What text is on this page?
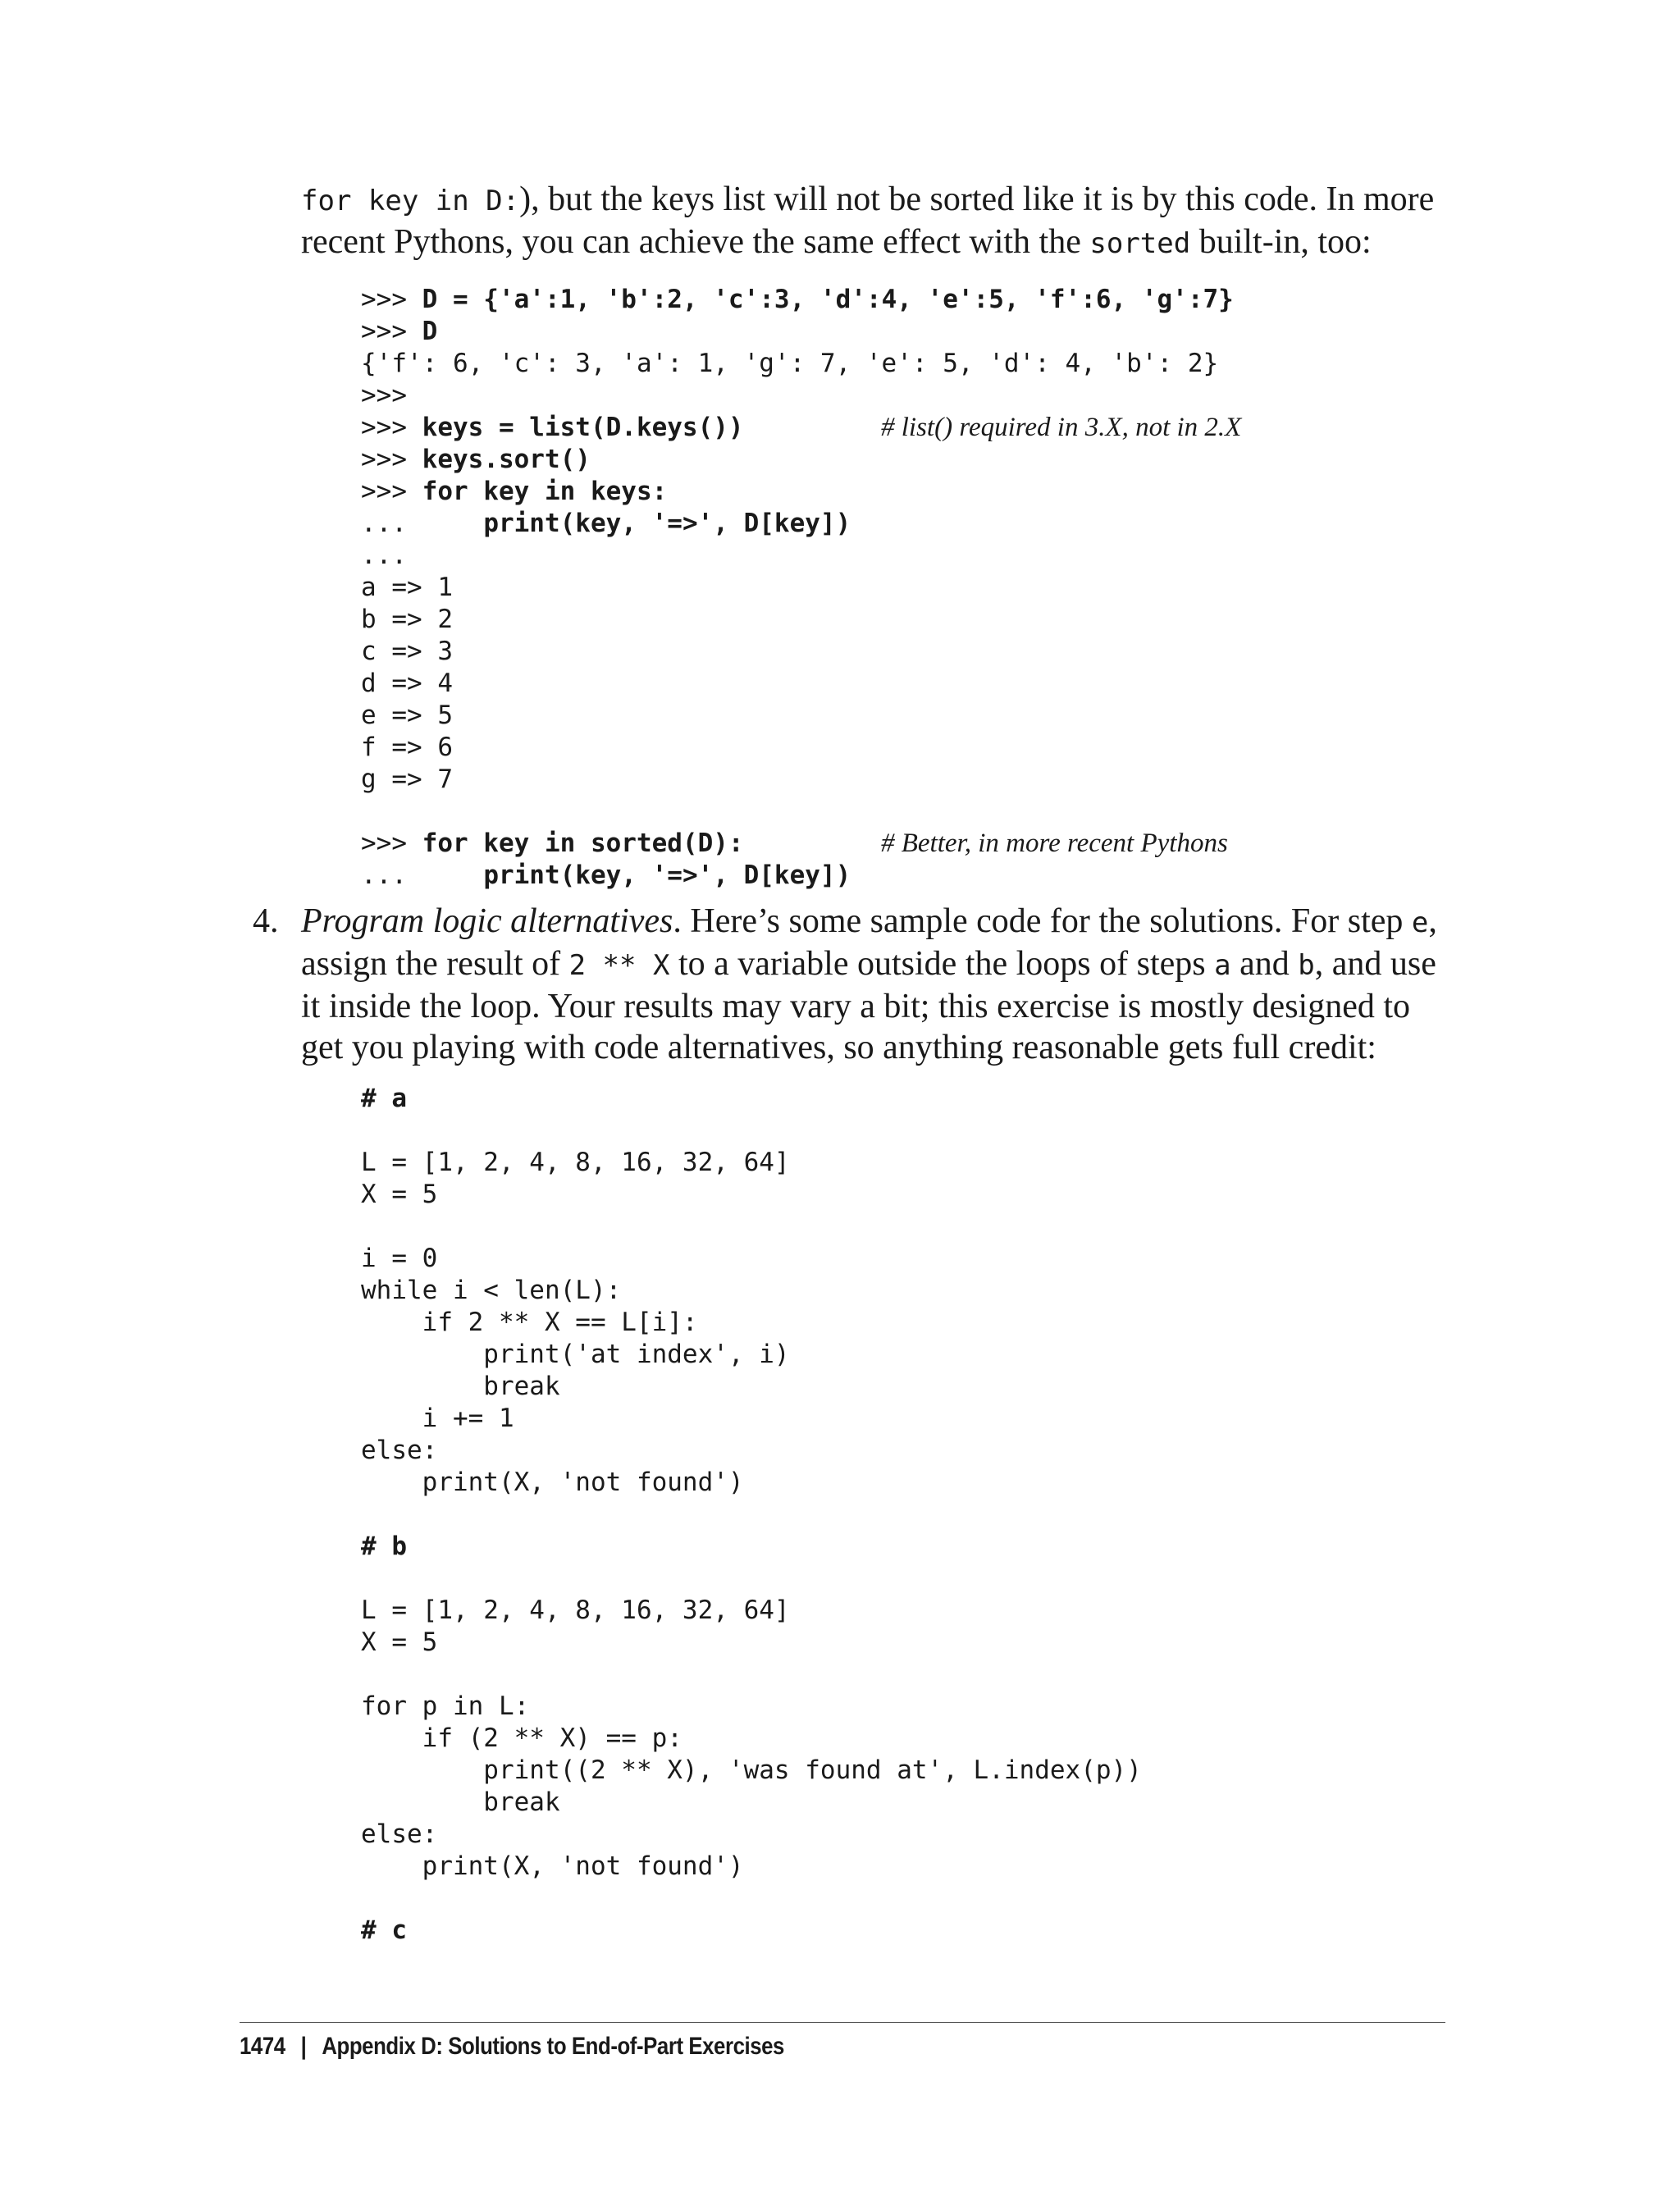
for key in D:), but the keys list will not be sorted like it is by this code. In more
recent Pythons, you can achieve the same effect with the sorted built-in, too:

>>> D = {'a':1, 'b':2, 'c':3, 'd':4, 'e':5, 'f':6, 'g':7}
>>> D
{'f': 6, 'c': 3, 'a': 1, 'g': 7, 'e': 5, 'd': 4, 'b': 2}
>>>
>>> keys = list(D.keys())	# list() required in 3.X, not in 2.X
>>> keys.sort()
>>> for key in keys:
...     print(key, '=>', D[key])
...
a => 1
b => 2
c => 3
d => 4
e => 5
f => 6
g => 7
>>> for key in sorted(D):	# Better, in more recent Pythons
...     print(key, '=>', D[key])
4. Program logic alternatives. Here’s some sample code for the solutions. For step e,
assign the result of 2 ** X to a variable outside the loops of steps a and b, and use
it inside the loop. Your results may vary a bit; this exercise is mostly designed to
get you playing with code alternatives, so anything reasonable gets full credit:

# a
L = [1, 2, 4, 8, 16, 32, 64]
X = 5
i = 0
while i < len(L):
if 2 ** X == L[i]:
print('at index', i)
break
i += 1
else:
print(X, 'not found')
# b
L = [1, 2, 4, 8, 16, 32, 64]
X = 5
for p in L:
if (2 ** X) == p:
print((2 ** X), 'was found at', L.index(p))
break
else:
print(X, 'not found')
# c
1474 | Appendix D: Solutions to End-of-Part Exercises
